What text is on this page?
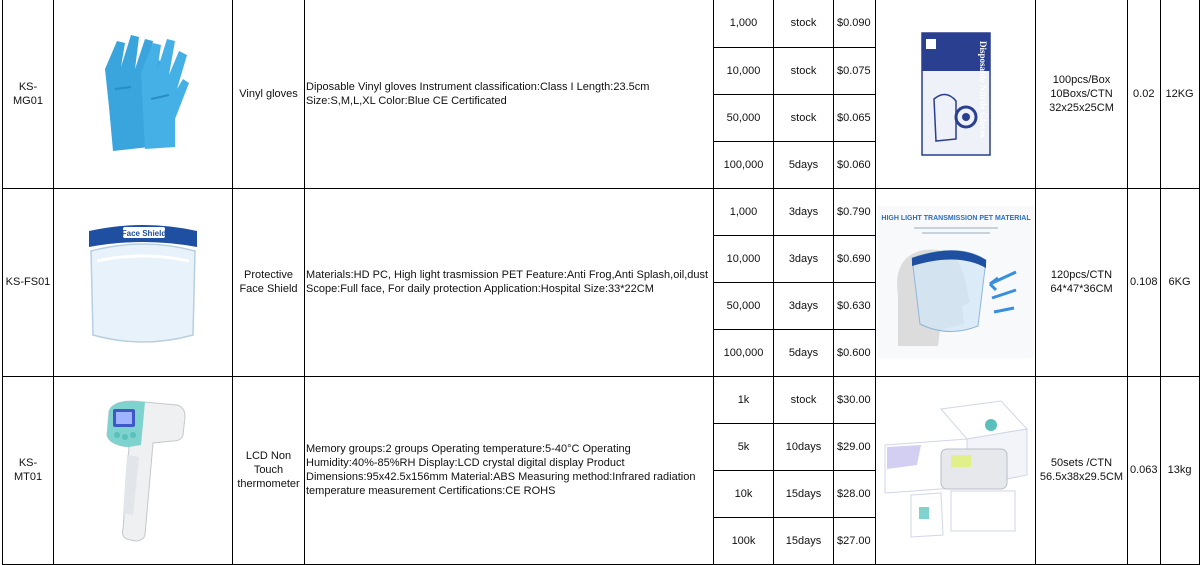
KS-MG01		Vinyl gloves	Diposable Vinyl gloves Instrument classification:Class I Length:23.5cm Size:S,M,L,XL Color:Blue CE Certificated	1,000	stock	$0.090	Disposable Nitrile Gloves	100pcs/Box
10Boxs/CTN
32x25x25CM	0.02	12KG
				10,000	stock	$0.075				
				50,000	stock	$0.065				
				100,000	5days	$0.060				
KS-FS01	Face Shield	Protective Face Shield	Materials:HD PC, High light trasmission PET Feature:Anti Frog,Anti Splash,oil,dust Scope:Full face, For daily protection Application:Hospital Size:33*22CM	1,000	3days	$0.790	HIGH LIGHT TRANSMISSION PET MATERIAL	120pcs/CTN
64*47*36CM	0.108	6KG
				10,000	3days	$0.690				
				50,000	3days	$0.630				
				100,000	5days	$0.600				
KS-MT01		LCD Non Touch thermometer	Memory groups:2 groups Operating temperature:5-40°C Operating Humidity:40%-85%RH Display:LCD crystal digital display Product Dimensions:95x42.5x156mm Material:ABS Measuring method:Infrared radiation temperature measurement Certifications:CE ROHS	1k	stock	$30.00		50sets /CTN
56.5x38x29.5CM	0.063	13kg
				5k	10days	$29.00				
				10k	15days	$28.00				
				100k	15days	$27.00				
